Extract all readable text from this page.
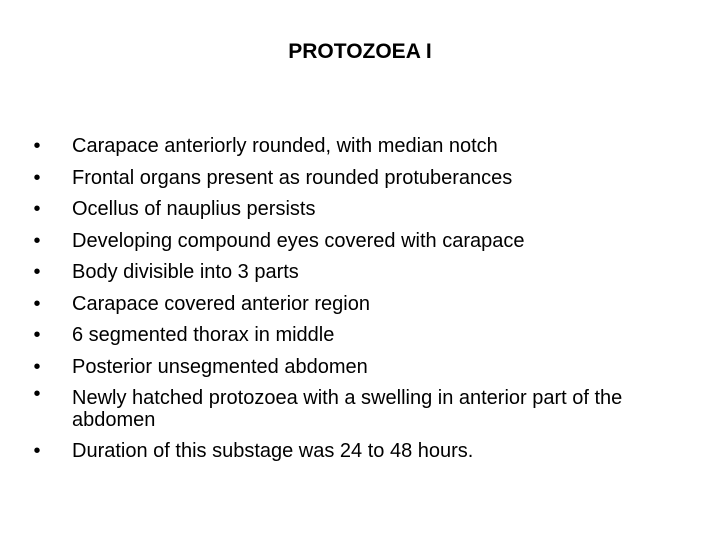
PROTOZOEA I
• Carapace anteriorly rounded, with median notch
• Frontal organs present as rounded protuberances
• Ocellus of nauplius persists
• Developing compound eyes covered with carapace
• Body divisible into 3 parts
• Carapace covered anterior region
• 6 segmented thorax in middle
• Posterior unsegmented abdomen
• Newly hatched protozoea with a swelling in anterior part of the abdomen
• Duration of this substage was 24 to 48 hours.
